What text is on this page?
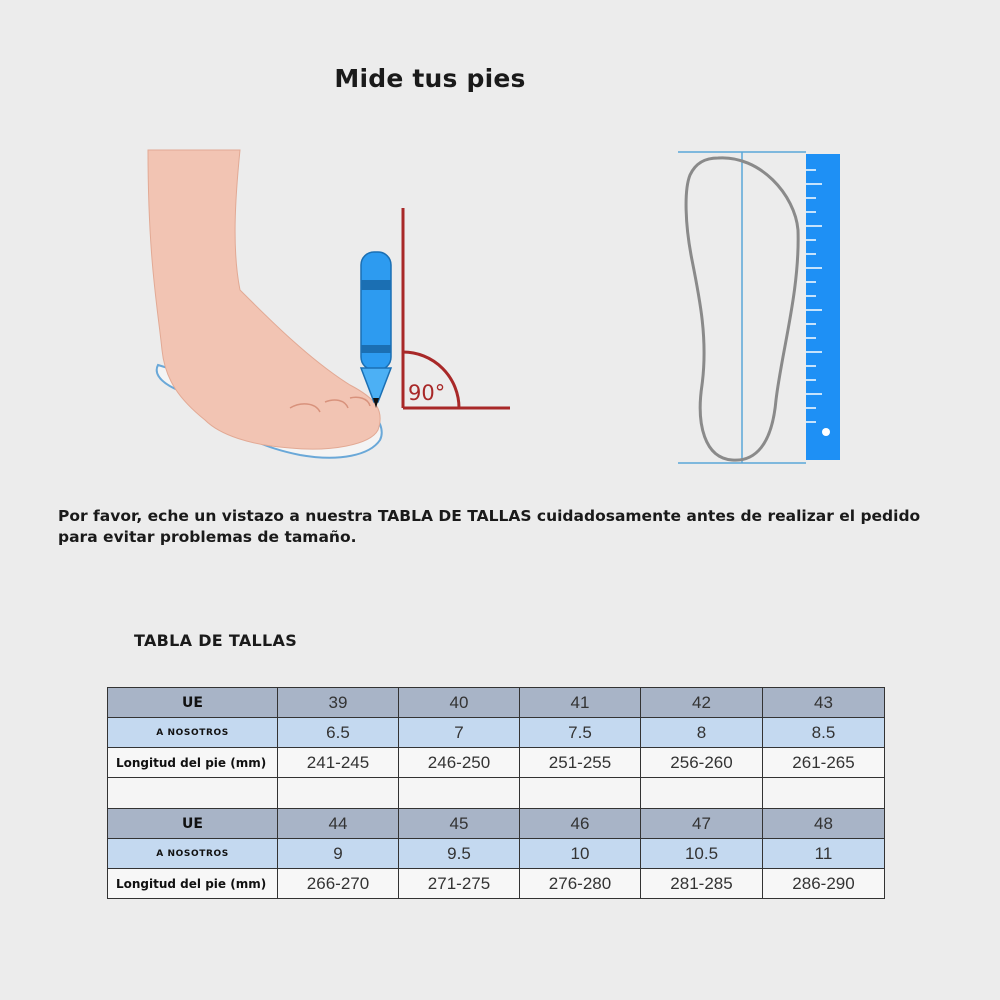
Mide tus pies
90°
Por favor, eche un vistazo a nuestra TABLA DE TALLAS cuidadosamente antes de realizar el pedido para evitar problemas de tamaño.
TABLA DE TALLAS
UE	39	40	41	42	43
A NOSOTROS	6.5	7	7.5	8	8.5
Longitud del pie (mm)	241-245	246-250	251-255	256-260	261-265

UE	44	45	46	47	48
A NOSOTROS	9	9.5	10	10.5	11
Longitud del pie (mm)	266-270	271-275	276-280	281-285	286-290
